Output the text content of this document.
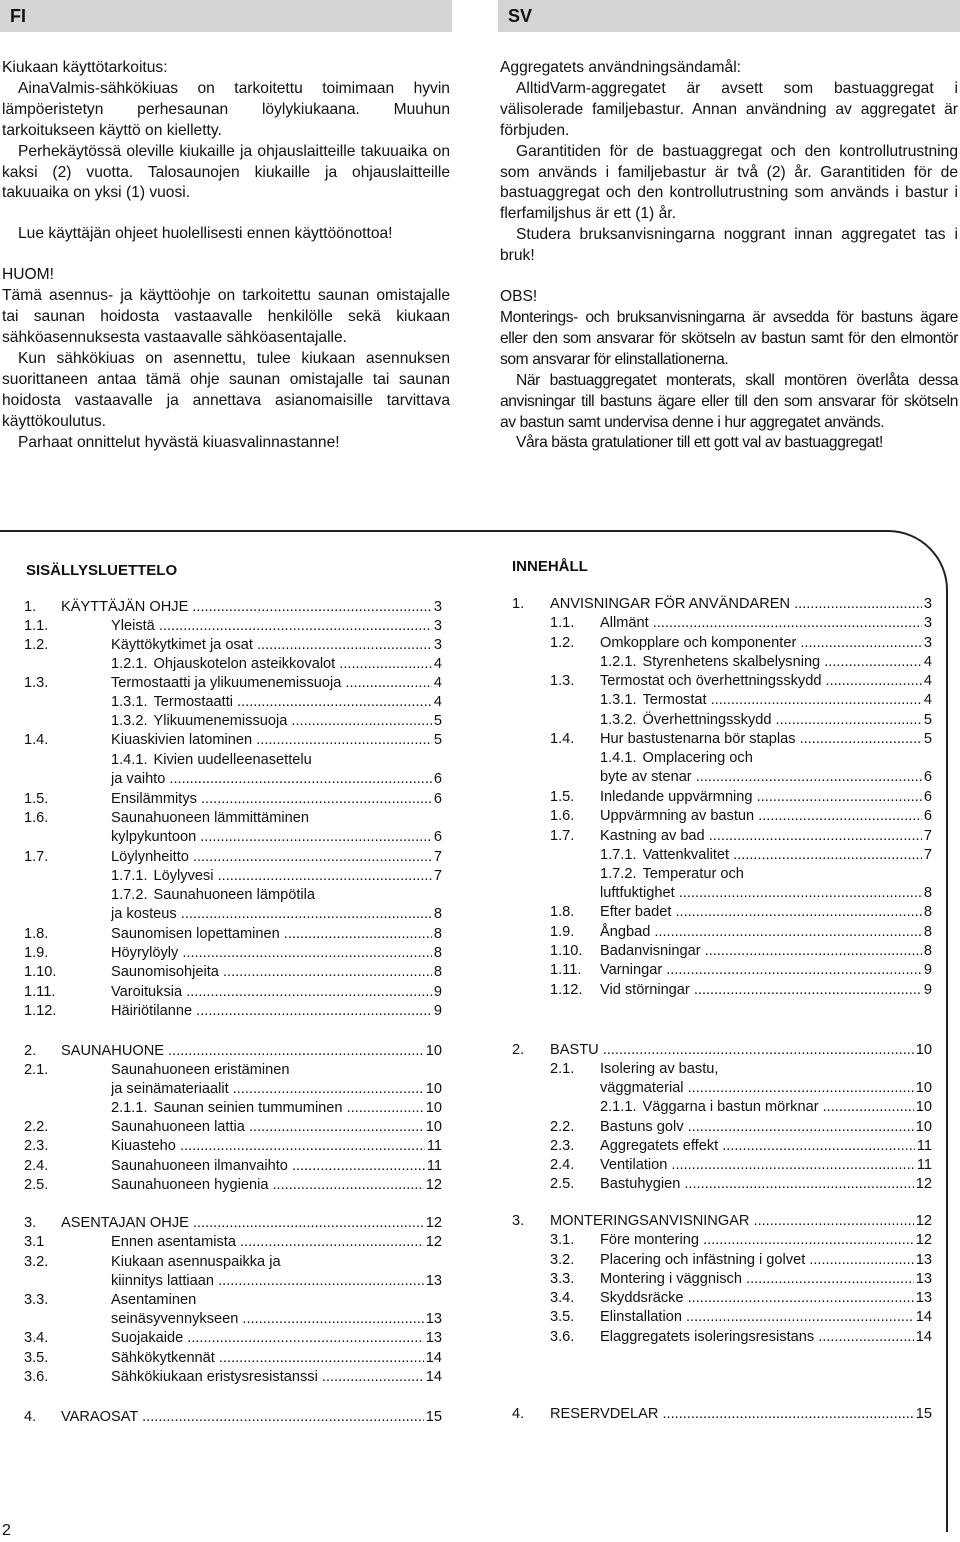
FI	SV

Kiukaan käyttötarkoitus:

AinaValmis-sähkökiuas on tarkoitettu toimimaan hyvin lämpöeristetyn perhesaunan löylykiukaana. Muuhun tarkoitukseen käyttö on kielletty.

Perhekäytössä oleville kiukaille ja ohjauslaitteille takuuaika on kaksi (2) vuotta. Talosaunojen kiukaille ja ohjauslaitteille takuuaika on yksi (1) vuosi.

Lue käyttäjän ohjeet huolellisesti ennen käyttöönottoa!

HUOM!

Tämä asennus- ja käyttöohje on tarkoitettu saunan omistajalle tai saunan hoidosta vastaavalle henkilölle sekä kiukaan sähköasennuksesta vastaavalle sähköasentajalle.

Kun sähkökiuas on asennettu, tulee kiukaan asennuksen suorittaneen antaa tämä ohje saunan omistajalle tai saunan hoidosta vastaavalle ja annettava asianomaisille tarvittava käyttökoulutus.

Parhaat onnittelut hyvästä kiuasvalinnastanne!

Aggregatets användningsändamål:

AlltidVarm-aggregatet är avsett som bastuaggregat i välisolerade familjebastur. Annan användning av aggregatet är förbjuden.

Garantitiden för de bastuaggregat och den kontrollutrustning som används i familjebastur är två (2) år. Garantitiden för de bastuaggregat och den kontrollutrustning som används i bastur i flerfamiljshus är ett (1) år.

Studera bruksanvisningarna noggrant innan aggregatet tas i bruk!

OBS!

Monterings- och bruksanvisningarna är avsedda för bastuns ägare eller den som ansvarar för skötseln av bastun samt för den elmontör som ansvarar för elinstallationerna.

När bastuaggregatet monterats, skall montören överlåta dessa anvisningar till bastuns ägare eller till den som ansvarar för skötseln av bastun samt undervisa denne i hur aggregatet används.

Våra bästa gratulationer till ett gott val av bastuaggregat!

SISÄLLYSLUETTELO	INNEHÅLL
1.	KÄYTTÄJÄN OHJE .....	3
1.1.	Yleistä .....	3
1.2.	Käyttökytkimet ja osat .....	3
1.2.1. Ohjauskotelon asteikkovalot .....	4
1.3.	Termostaatti ja ylikuumenemissuoja .....	4
1.3.1. Termostaatti .....	4
1.3.2. Ylikuumenemissuoja .....	5
1.4.	Kiuaskivien latominen .....	5
1.4.1. Kivien uudelleenasettelu
ja vaihto .....	6
1.5.	Ensilämmitys .....	6
1.6.	Saunahuoneen lämmittäminen
kylpykuntoon .....	6
1.7.	Löylynheitto .....	7
1.7.1. Löylyvesi .....	7
1.7.2. Saunahuoneen lämpötila
ja kosteus .....	8
1.8.	Saunomisen lopettaminen .....	8
1.9.	Höyrylöyly .....	8
1.10.	Saunomisohjeita .....	8
1.11.	Varoituksia .....	9
1.12.	Häiriötilanne .....	9
2.	SAUNAHUONE .....	10
2.1.	Saunahuoneen eristäminen
ja seinämateriaalit .....	10
2.1.1. Saunan seinien tummuminen .....	10
2.2.	Saunahuoneen lattia .....	10
2.3.	Kiuasteho .....	11
2.4.	Saunahuoneen ilmanvaihto .....	11
2.5.	Saunahuoneen hygienia .....	12
3.	ASENTAJAN OHJE .....	12
3.1	Ennen asentamista .....	12
3.2.	Kiukaan asennuspaikka ja
kiinnitys lattiaan .....	13
3.3.	Asentaminen
seinäsyvennykseen .....	13
3.4.	Suojakaide .....	13
3.5.	Sähkökytkennät .....	14
3.6.	Sähkökiukaan eristysresistanssi .....	14
4.	VARAOSAT .....	15
1.	ANVISNINGAR FÖR ANVÄNDAREN .....	3
1.1.	Allmänt .....	3
1.2.	Omkopplare och komponenter .....	3
1.2.1. Styrenhetens skalbelysning .....	4
1.3.	Termostat och överhettningsskydd .....	4
1.3.1. Termostat .....	4
1.3.2. Överhettningsskydd .....	5
1.4.	Hur bastustenarna bör staplas .....	5
1.4.1. Omplacering och
byte av stenar .....	6
1.5.	Inledande uppvärmning .....	6
1.6.	Uppvärmning av bastun .....	6
1.7.	Kastning av bad .....	7
1.7.1. Vattenkvalitet .....	7
1.7.2. Temperatur och
luftfuktighet .....	8
1.8.	Efter badet .....	8
1.9.	Ångbad .....	8
1.10.	Badanvisningar .....	8
1.11.	Varningar .....	9
1.12.	Vid störningar .....	9
2.	BASTU .....	10
2.1.	Isolering av bastu,
väggmaterial .....	10
2.1.1. Väggarna i bastun mörknar .....	10
2.2.	Bastuns golv .....	10
2.3.	Aggregatets effekt .....	11
2.4.	Ventilation .....	11
2.5.	Bastuhygien .....	12
3.	MONTERINGSANVISNINGAR .....	12
3.1.	Före montering .....	12
3.2.	Placering och infästning i golvet .....	13
3.3.	Montering i väggnisch .....	13
3.4.	Skyddsräcke .....	13
3.5.	Elinstallation .....	14
3.6.	Elaggregatets isoleringsresistans .....	14
4.	RESERVDELAR .....	15
2
